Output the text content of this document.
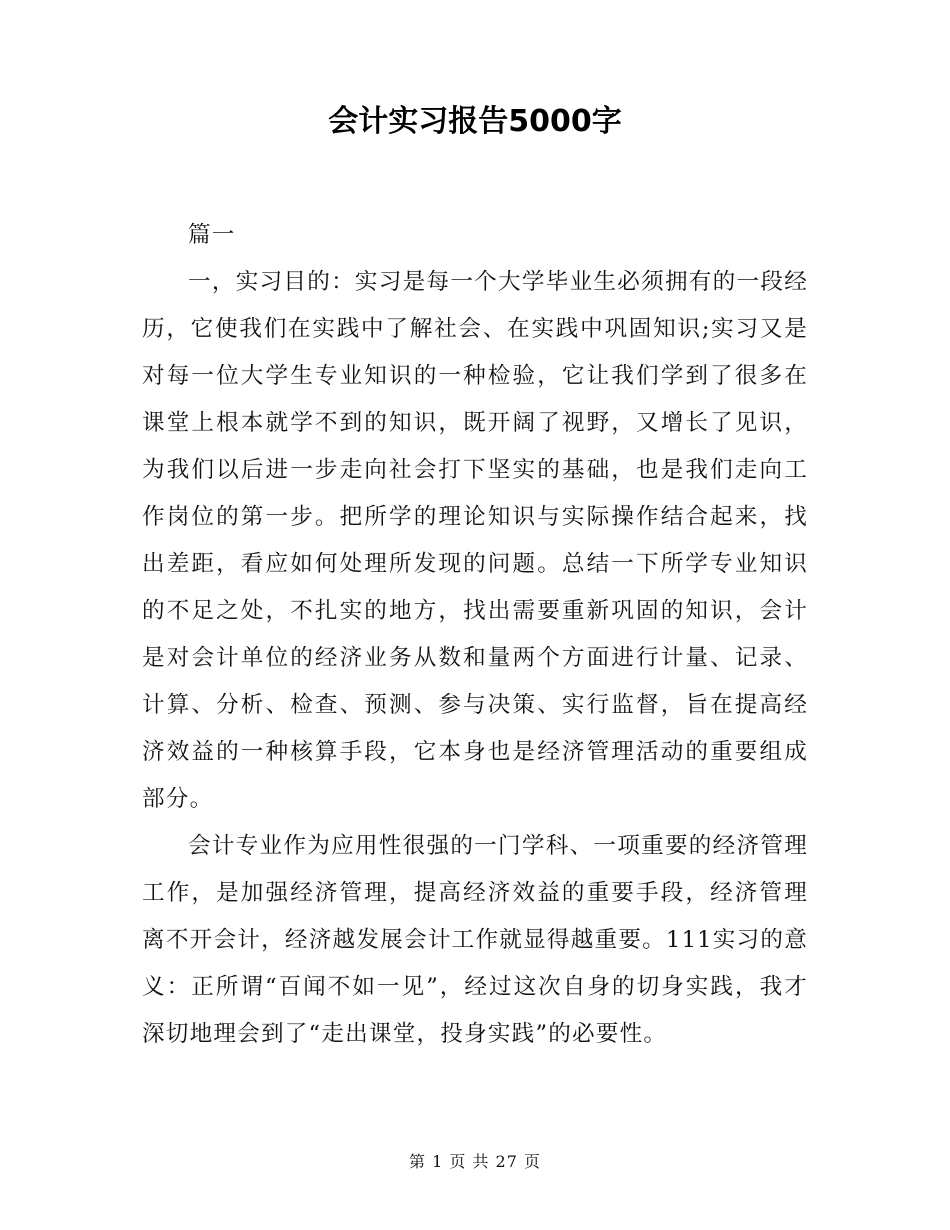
会计实习报告5000字

篇一

一，实习目的：实习是每一个大学毕业生必须拥有的一段经历，它使我们在实践中了解社会、在实践中巩固知识;实习又是对每一位大学生专业知识的一种检验，它让我们学到了很多在课堂上根本就学不到的知识，既开阔了视野，又增长了见识，为我们以后进一步走向社会打下坚实的基础，也是我们走向工作岗位的第一步。把所学的理论知识与实际操作结合起来，找出差距，看应如何处理所发现的问题。总结一下所学专业知识的不足之处，不扎实的地方，找出需要重新巩固的知识，会计是对会计单位的经济业务从数和量两个方面进行计量、记录、计算、分析、检查、预测、参与决策、实行监督，旨在提高经济效益的一种核算手段，它本身也是经济管理活动的重要组成部分。

会计专业作为应用性很强的一门学科、一项重要的经济管理工作，是加强经济管理，提高经济效益的重要手段，经济管理离不开会计，经济越发展会计工作就显得越重要。111实习的意义：正所谓“百闻不如一见”，经过这次自身的切身实践，我才深切地理会到了“走出课堂，投身实践”的必要性。

第 1 页 共 27 页
